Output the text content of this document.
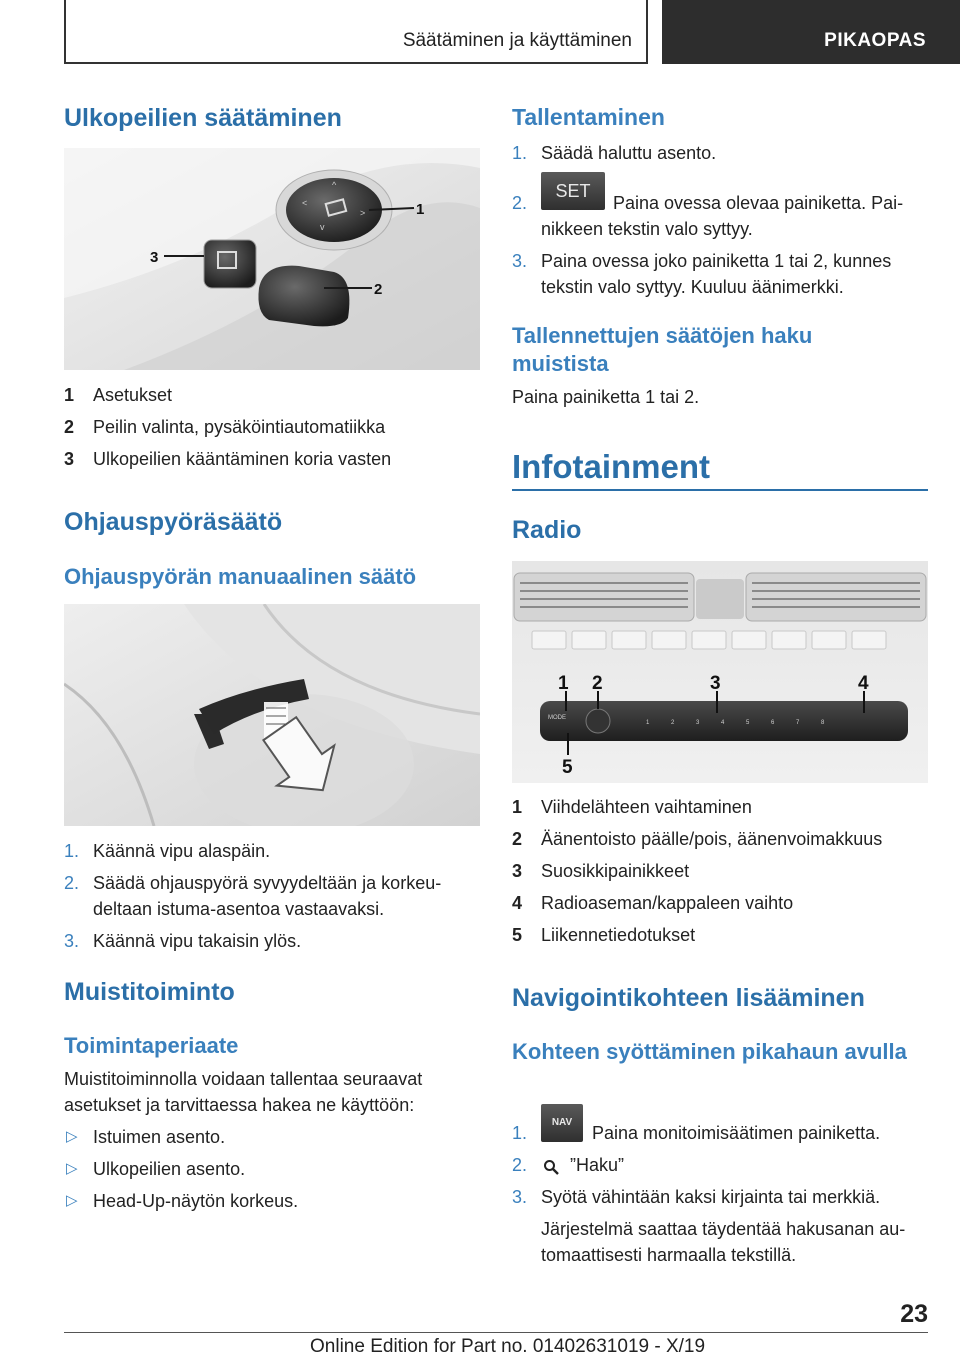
Säätäminen ja käyttäminen	PIKAOPAS
Ulkopeilien säätäminen
^
<
>
v
1
2
3
1 Asetukset
2 Peilin valinta, pysäköintiautomatiikka
3 Ulkopeilien kääntäminen koria vasten
Ohjauspyöräsäätö
Ohjauspyörän manuaalinen säätö
1. Käännä vipu alaspäin.
2. Säädä ohjauspyörä syvyydeltään ja korkeu‐deltaan istuma-asentoa vastaavaksi.
3. Käännä vipu takaisin ylös.
Muistitoiminto
Toimintaperiaate
Muistitoiminnolla voidaan tallentaa seuraavat asetukset ja tarvittaessa hakea ne käyttöön:
▷ Istuimen asento.
▷ Ulkopeilien asento.
▷ Head-Up-näytön korkeus.
Tallentaminen
1. Säädä haluttu asento.
2.
SET
Paina ovessa olevaa painiketta. Pai‐nikkeen tekstin valo syttyy.
3. Paina ovessa joko painiketta 1 tai 2, kunnes tekstin valo syttyy. Kuuluu äänimerkki.
Tallennettujen säätöjen haku muistista
Paina painiketta 1 tai 2.
Infotainment
Radio
MODE
1	2	3	4	5	6	7	8
1 2	3	4
5
1 Viihdelähteen vaihtaminen
2 Äänentoisto päälle/pois, äänenvoimakkuus
3 Suosikkipainikkeet
4 Radioaseman/kappaleen vaihto
5 Liikennetiedotukset
Navigointikohteen lisääminen
Kohteen syöttäminen pikahaun avulla
1.
NAV
Paina monitoimisäätimen painiketta.
2. ”Haku”
3. Syötä vähintään kaksi kirjainta tai merkkiä.
Järjestelmä saattaa täydentää hakusanan au‐tomaattisesti harmaalla tekstillä.
23
Online Edition for Part no. 01402631019 - X/19
